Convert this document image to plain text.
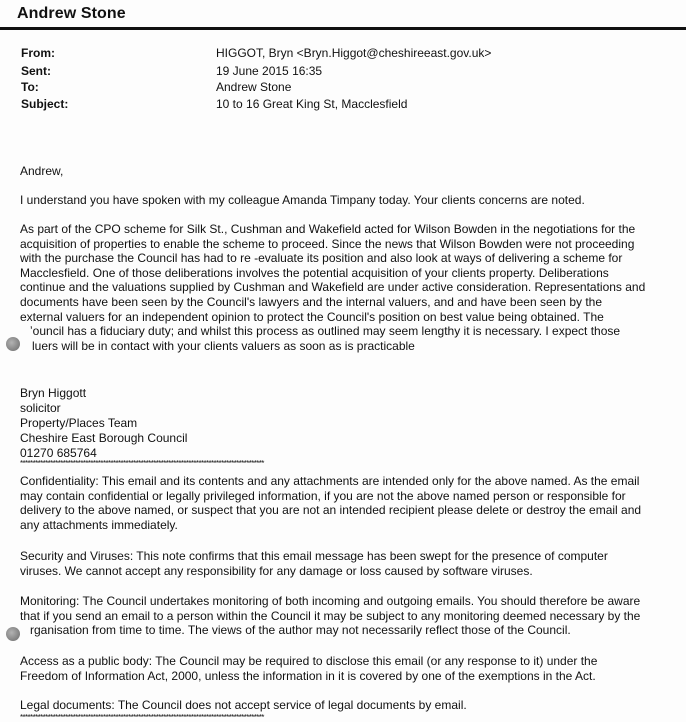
Andrew Stone
From:	HIGGOT, Bryn <Bryn.Higgot@cheshireeast.gov.uk>
Sent:	19 June 2015 16:35
To:	Andrew Stone
Subject:	10 to 16 Great King St, Macclesfield
Andrew,
I understand you have spoken with my colleague Amanda Timpany today. Your clients concerns are noted.
As part of the CPO scheme for Silk St., Cushman and Wakefield acted for Wilson Bowden in the negotiations for the
acquisition of properties to enable the scheme to proceed. Since the news that Wilson Bowden were not proceeding
with the purchase the Council has had to re -evaluate its position and also look at ways of delivering a scheme for
Macclesfield. One of those deliberations involves the potential acquisition of your clients property. Deliberations
continue and the valuations supplied by Cushman and Wakefield are under active consideration. Representations and
documents have been seen by the Council's lawyers and the internal valuers, and and have been seen by the
external valuers for an independent opinion to protect the Council's position on best value being obtained. The
ʼouncil has a fiduciary duty; and whilst this process as outlined may seem lengthy it is necessary. I expect those
luers will be in contact with your clients valuers as soon as is practicable
Bryn Higgott
solicitor
Property/Places Team
Cheshire East Borough Council
01270 685764
*************************************************************************************************
Confidentiality: This email and its contents and any attachments are intended only for the above named. As the email
may contain confidential or legally privileged information, if you are not the above named person or responsible for
delivery to the above named, or suspect that you are not an intended recipient please delete or destroy the email and
any attachments immediately.
Security and Viruses: This note confirms that this email message has been swept for the presence of computer
viruses. We cannot accept any responsibility for any damage or loss caused by software viruses.
Monitoring: The Council undertakes monitoring of both incoming and outgoing emails. You should therefore be aware
that if you send an email to a person within the Council it may be subject to any monitoring deemed necessary by the
rganisation from time to time. The views of the author may not necessarily reflect those of the Council.
Access as a public body: The Council may be required to disclose this email (or any response to it) under the
Freedom of Information Act, 2000, unless the information in it is covered by one of the exemptions in the Act.
Legal documents: The Council does not accept service of legal documents by email.
*************************************************************************************************
